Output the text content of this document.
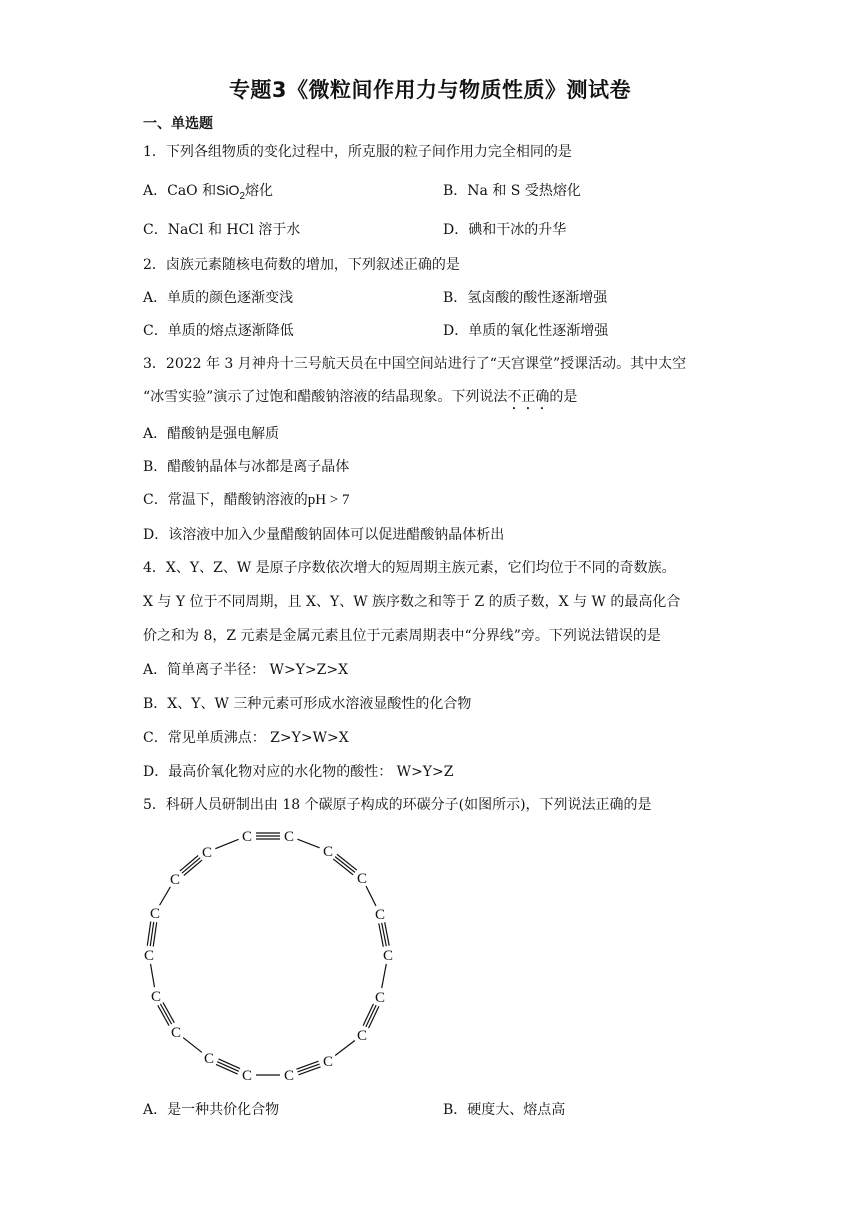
专题3《微粒间作用力与物质性质》测试卷
一、单选题
1．下列各组物质的变化过程中，所克服的粒子间作用力完全相同的是
A．CaO 和SiO$_2$熔化	B．Na 和 S 受热熔化
C．NaCl 和 HCl 溶于水	D．碘和干冰的升华
2．卤族元素随核电荷数的增加，下列叙述正确的是
A．单质的颜色逐渐变浅	B．氢卤酸的酸性逐渐增强
C．单质的熔点逐渐降低	D．单质的氧化性逐渐增强
3．2022 年 3 月神舟十三号航天员在中国空间站进行了“天宫课堂”授课活动。其中太空
“冰雪实验”演示了过饱和醋酸钠溶液的结晶现象。下列说法不正确的是
A．醋酸钠是强电解质
B．醋酸钠晶体与冰都是离子晶体
C．常温下，醋酸钠溶液的pH > 7
D．该溶液中加入少量醋酸钠固体可以促进醋酸钠晶体析出
4．X、Y、Z、W 是原子序数依次增大的短周期主族元素，它们均位于不同的奇数族。
X 与 Y 位于不同周期，且 X、Y、W 族序数之和等于 Z 的质子数，X 与 W 的最高化合
价之和为 8，Z 元素是金属元素且位于元素周期表中“分界线”旁。下列说法错误的是
A．简单离子半径： W>Y>Z>X
B．X、Y、W 三种元素可形成水溶液显酸性的化合物
C．常见单质沸点： Z>Y>W>X
D．最高价氧化物对应的水化物的酸性： W>Y>Z
5．科研人员研制出由 18 个碳原子构成的环碳分子(如图所示)，下列说法正确的是
C C
C
C
C
C
C
C
C
C
C
C
C
C
C
C
C
C
A．是一种共价化合物	B．硬度大、熔点高
